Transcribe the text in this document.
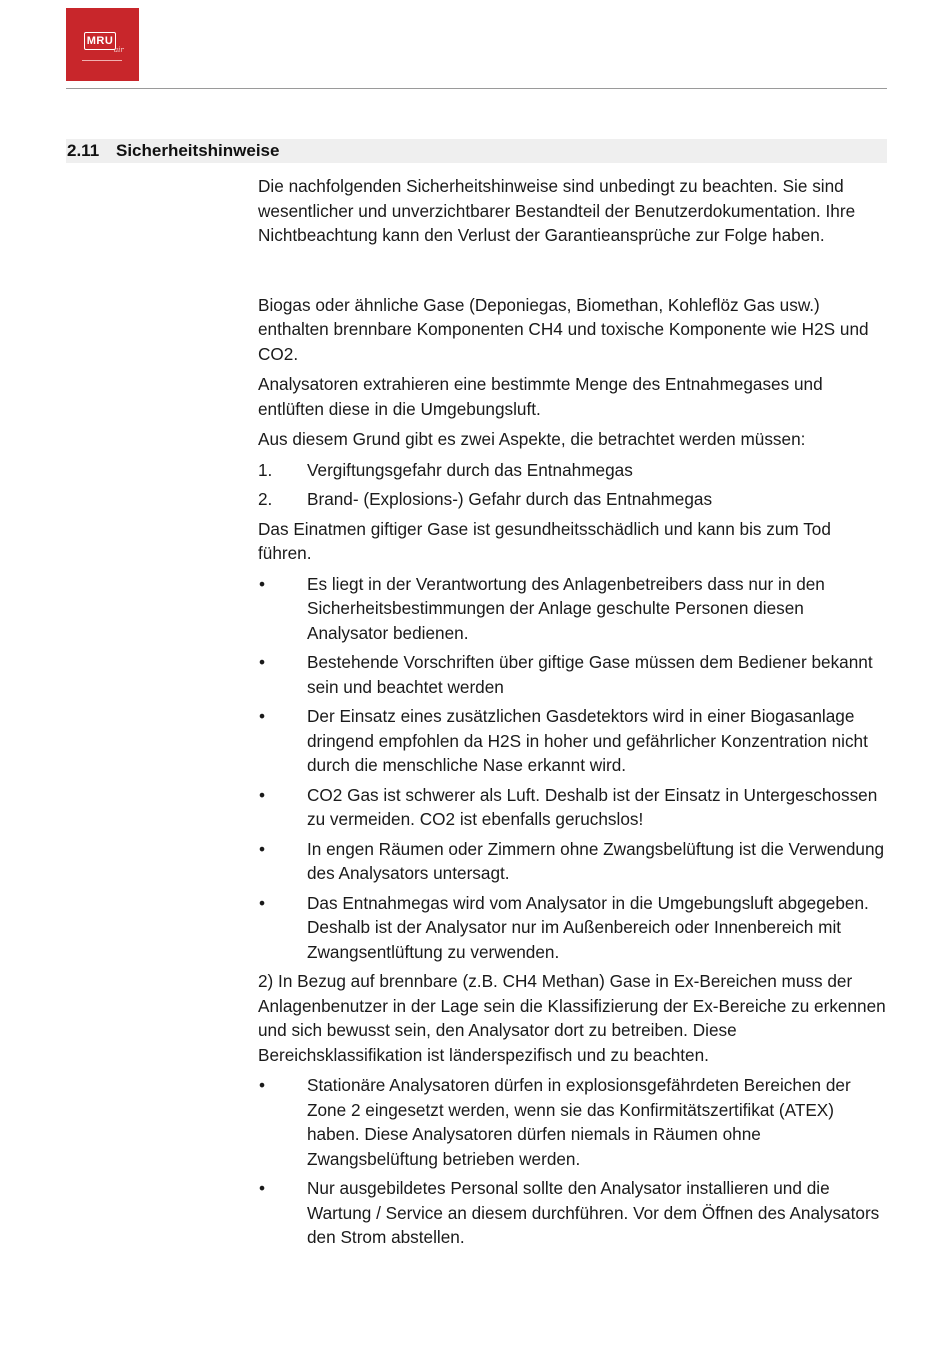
MRU
air
2.11 Sicherheitshinweise

Die nachfolgenden Sicherheitshinweise sind unbedingt zu beachten. Sie sind wesentlicher und unverzichtbarer Bestandteil der Benutzerdokumentation. Ihre Nichtbeachtung kann den Verlust der Garantieansprüche zur Folge haben.

Biogas oder ähnliche Gase (Deponiegas, Biomethan, Kohleflöz Gas usw.) enthalten brennbare Komponenten CH4 und toxische Komponente wie H2S und CO2.

Analysatoren extrahieren eine bestimmte Menge des Entnahmegases und entlüften diese in die Umgebungsluft.

Aus diesem Grund gibt es zwei Aspekte, die betrachtet werden müssen:

1.	Vergiftungsgefahr durch das Entnahmegas
2.	Brand- (Explosions-) Gefahr durch das Entnahmegas

Das Einatmen giftiger Gase ist gesundheitsschädlich und kann bis zum Tod führen.

•	Es liegt in der Verantwortung des Anlagenbetreibers dass nur in den Sicherheitsbestimmungen der Anlage geschulte Personen diesen Analysator bedienen.
•	Bestehende Vorschriften über giftige Gase müssen dem Bediener bekannt sein und beachtet werden
•	Der Einsatz eines zusätzlichen Gasdetektors wird in einer Biogasanlage dringend empfohlen da H2S in hoher und gefährlicher Konzentration nicht durch die menschliche Nase erkannt wird.
•	CO2 Gas ist schwerer als Luft. Deshalb ist der Einsatz in Untergeschossen zu vermeiden. CO2 ist ebenfalls geruchslos!
•	In engen Räumen oder Zimmern ohne Zwangsbelüftung ist die Verwendung des Analysators untersagt.
•	Das Entnahmegas wird vom Analysator in die Umgebungsluft abgegeben. Deshalb ist der Analysator nur im Außenbereich oder Innenbereich mit Zwangsentlüftung zu verwenden.

2) In Bezug auf brennbare (z.B. CH4 Methan) Gase in Ex-Bereichen muss der Anlagenbenutzer in der Lage sein die Klassifizierung der Ex-Bereiche zu erkennen und sich bewusst sein, den Analysator dort zu betreiben. Diese Bereichsklassifikation ist länderspezifisch und zu beachten.

•	Stationäre Analysatoren dürfen in explosionsgefährdeten Bereichen der Zone 2 eingesetzt werden, wenn sie das Konfirmitätszertifikat (ATEX) haben. Diese Analysatoren dürfen niemals in Räumen ohne Zwangsbelüftung betrieben werden.
•	Nur ausgebildetes Personal sollte den Analysator installieren und die Wartung / Service an diesem durchführen. Vor dem Öffnen des Analysators den Strom abstellen.
